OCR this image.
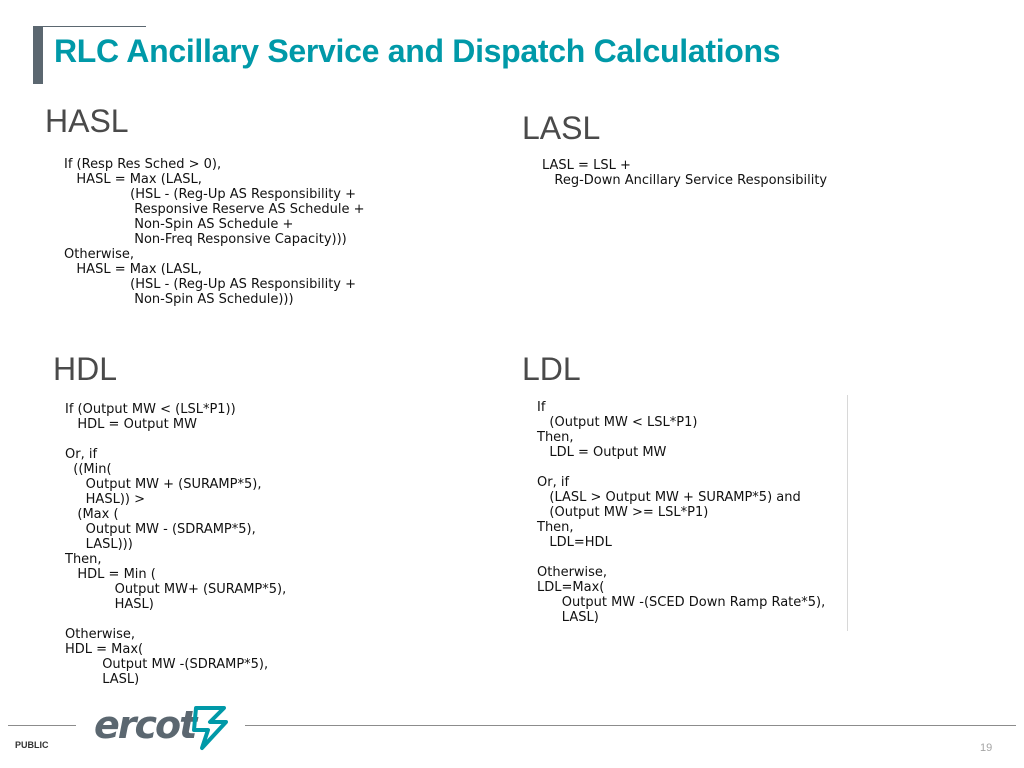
RLC Ancillary Service and Dispatch Calculations
HASL
If (Resp Res Sched > 0),
HASL = Max (LASL,
(HSL - (Reg-Up AS Responsibility +
Responsive Reserve AS Schedule +
Non-Spin AS Schedule +
Non-Freq Responsive Capacity)))
Otherwise,
HASL = Max (LASL,
(HSL - (Reg-Up AS Responsibility +
Non-Spin AS Schedule)))
LASL
LASL = LSL +
Reg-Down Ancillary Service Responsibility
HDL
If (Output MW < (LSL*P1))
HDL = Output MW

Or, if
((Min(
Output MW + (SURAMP*5),
HASL)) >
(Max (
Output MW - (SDRAMP*5),
LASL)))
Then,
HDL = Min (
Output MW+ (SURAMP*5),
HASL)

Otherwise,
HDL = Max(
Output MW -(SDRAMP*5),
LASL)
LDL
If
(Output MW < LSL*P1)
Then,
LDL = Output MW

Or, if
(LASL > Output MW + SURAMP*5) and
(Output MW >= LSL*P1)
Then,
LDL=HDL

Otherwise,
LDL=Max(
Output MW -(SCED Down Ramp Rate*5),
LASL)
ercot
PUBLIC	19
